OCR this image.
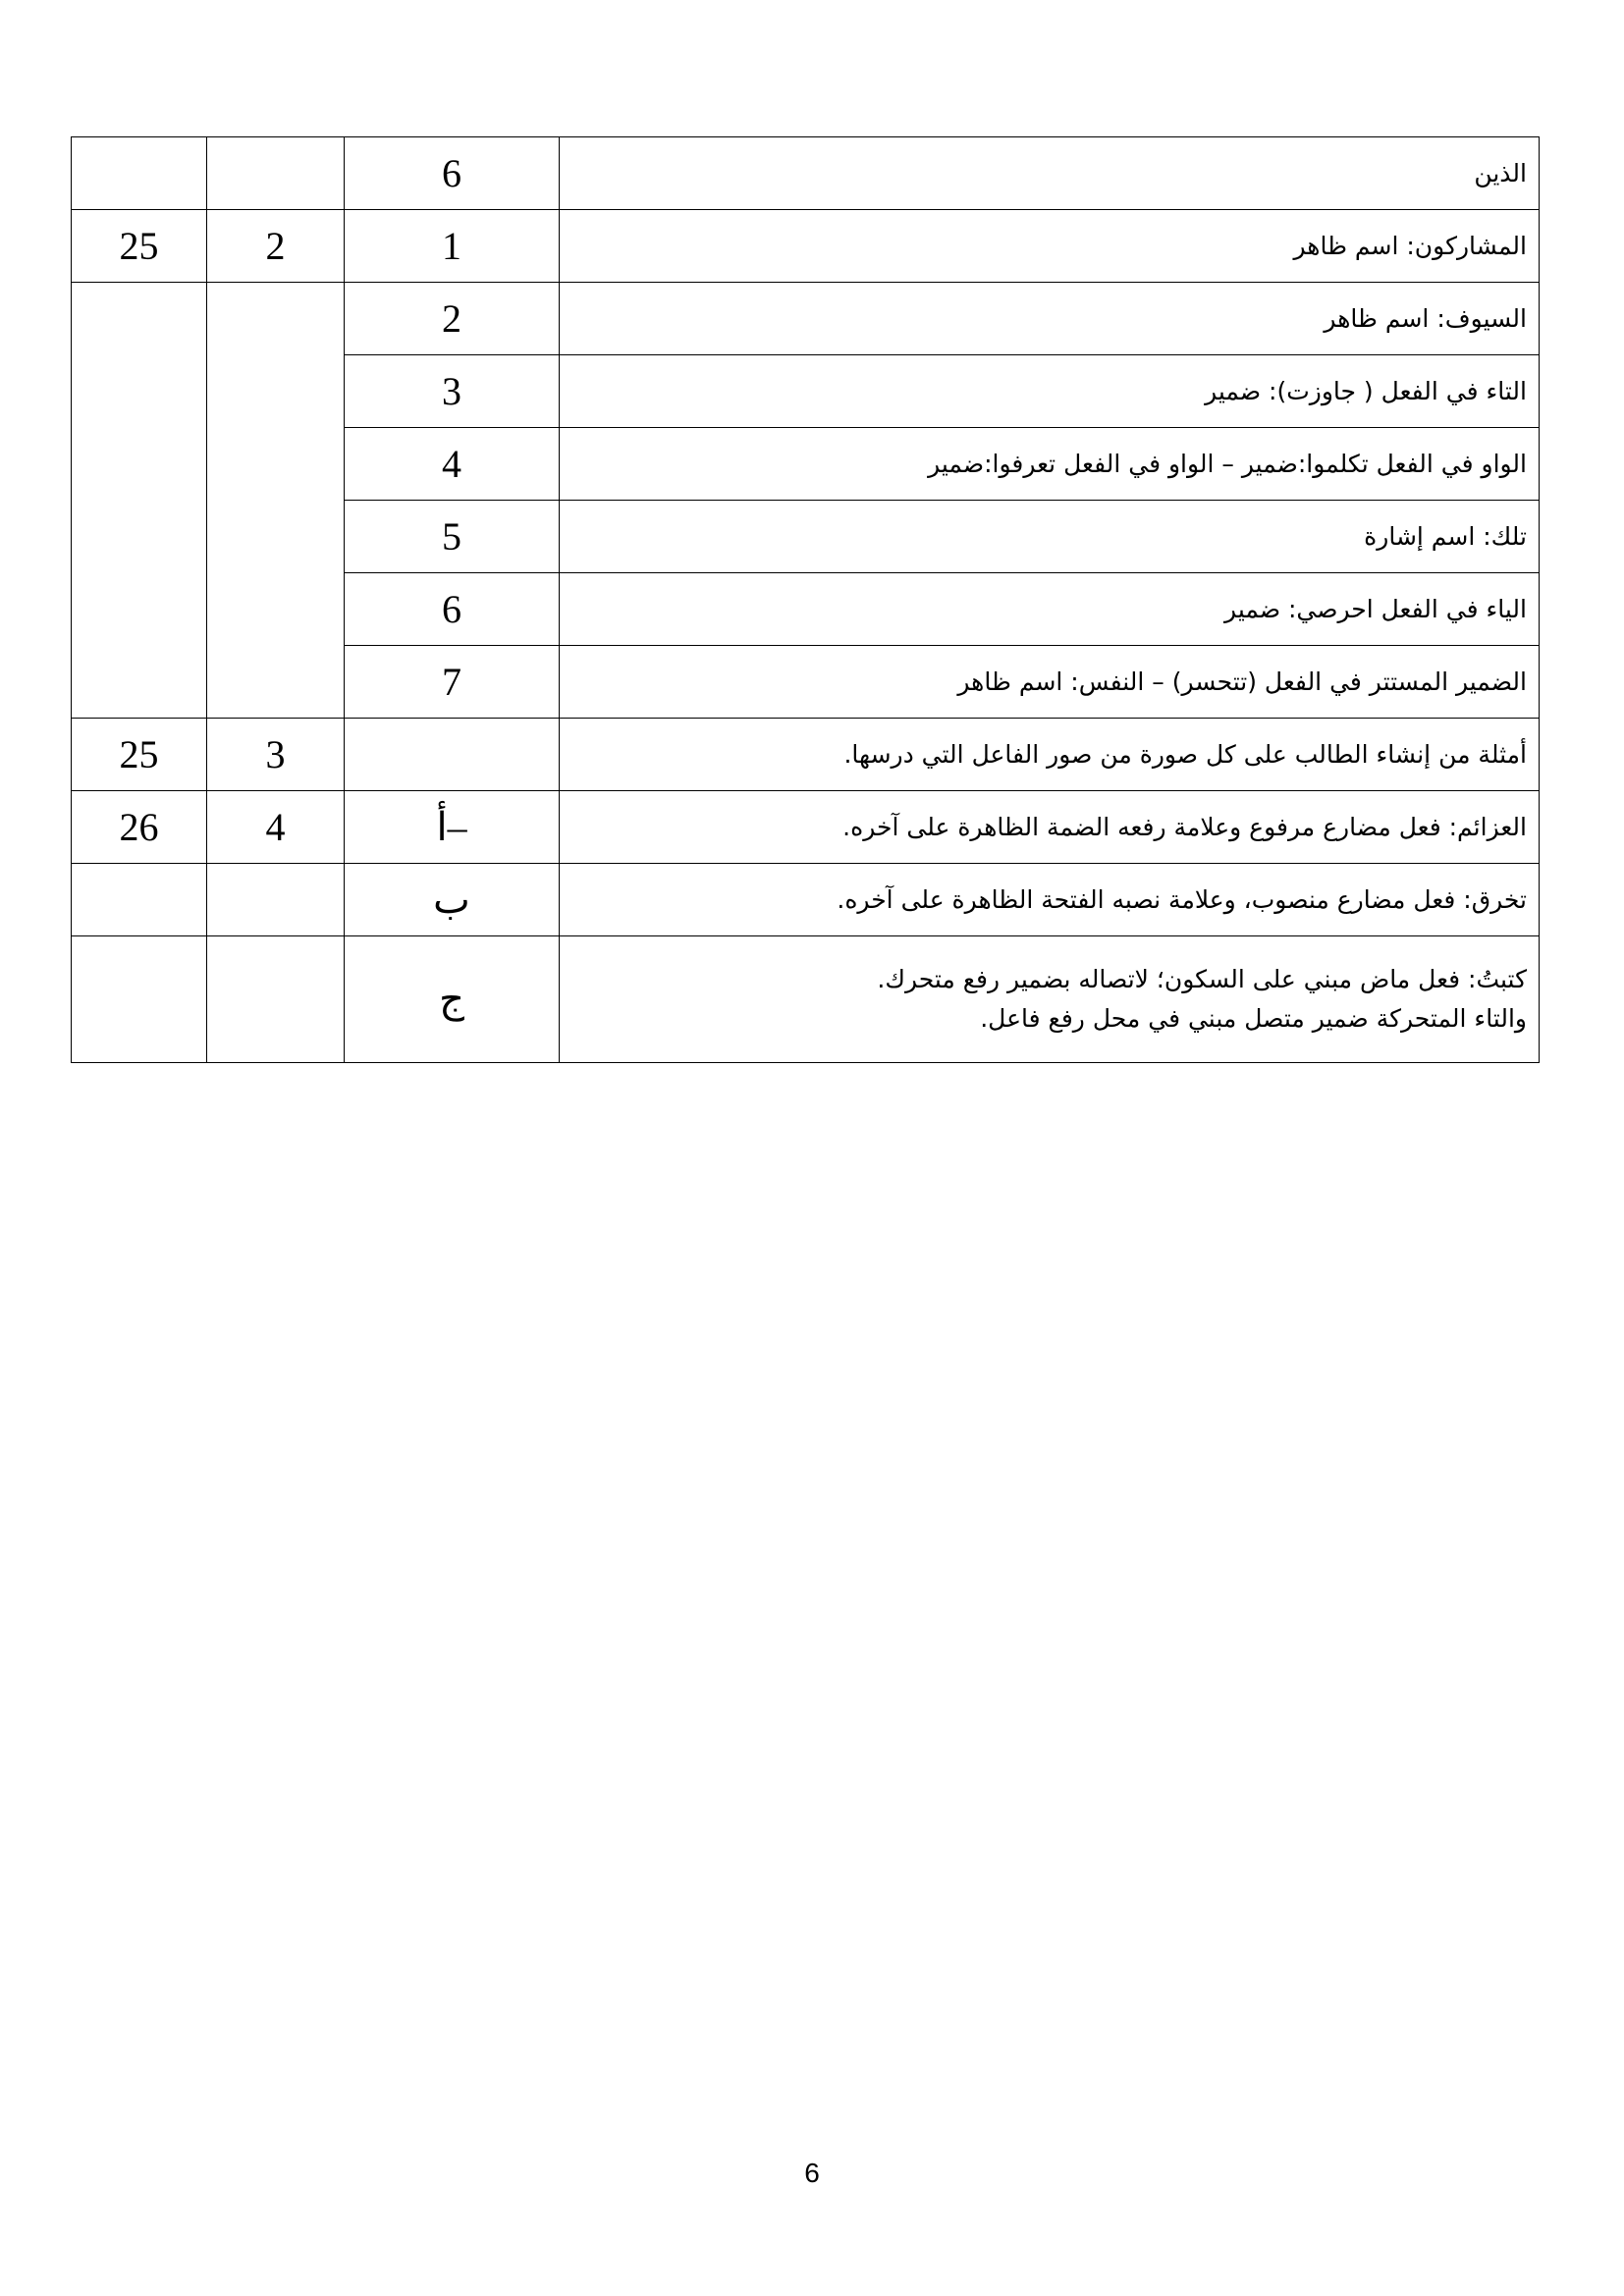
		6	الذين
25	2	1	المشاركون: اسم ظاهر
		2	السيوف: اسم ظاهر
		3	التاء في الفعل ( جاوزت): ضمير
		4	الواو في الفعل تكلموا:ضمير – الواو في الفعل تعرفوا:ضمير
		5	تلك: اسم إشارة
		6	الياء في الفعل احرصي: ضمير
		7	الضمير المستتر في الفعل (تتحسر) – النفس: اسم ظاهر
25	3		أمثلة من إنشاء الطالب على كل صورة من صور الفاعل التي درسها.
26	4	أ–	العزائم: فعل مضارع مرفوع وعلامة رفعه الضمة الظاهرة على آخره.
		ب	تخرق: فعل مضارع منصوب، وعلامة نصبه الفتحة الظاهرة على آخره.
		ج	كتبتُ: فعل ماض مبني على السكون؛ لاتصاله بضمير رفع متحرك.
والتاء المتحركة ضمير متصل مبني في محل رفع فاعل.
6
